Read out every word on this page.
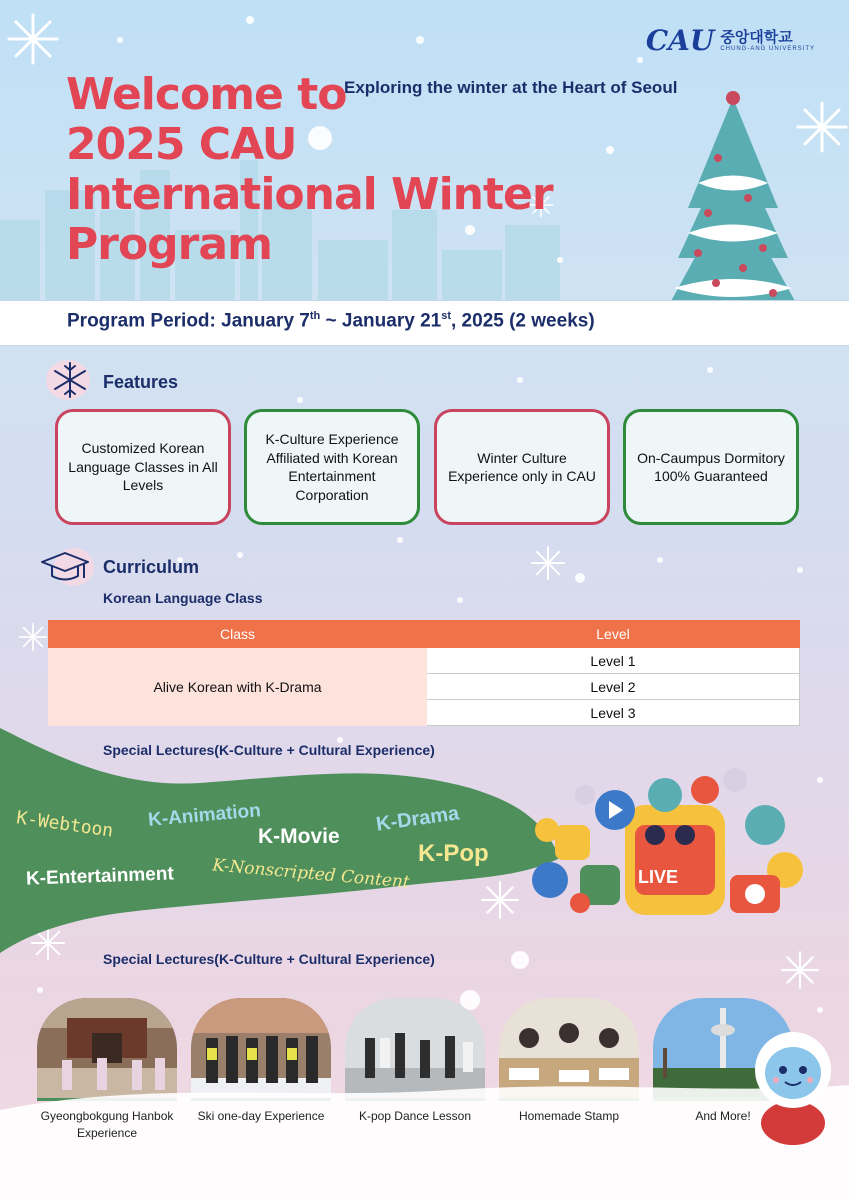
Welcome to
2025 CAU
International Winter
Program
Exploring the winter at the Heart of Seoul
CAU 중앙대학교
CHUNG-ANG UNIVERSITY
Program Period: January 7th ~ January 21st, 2025 (2 weeks)
Features
Customized Korean Language Classes in All Levels
K-Culture Experience Affiliated with Korean Entertainment Corporation
Winter Culture Experience only in CAU
On-Caumpus Dormitory 100% Guaranteed
Curriculum
Korean Language Class
Class	Level
Alive Korean with K-Drama	Level 1
	Level 2
	Level 3
Special Lectures(K-Culture + Cultural Experience)
K-Webtoon K-Animation
K-Movie
K-Drama
K-Pop
K-Entertainment K-Nonscripted Content	LIVE
Special Lectures(K-Culture + Cultural Experience)
Gyeongbokgung Hanbok Experience
Ski one-day Experience	K-pop Dance Lesson	Homemade Stamp	And More!
